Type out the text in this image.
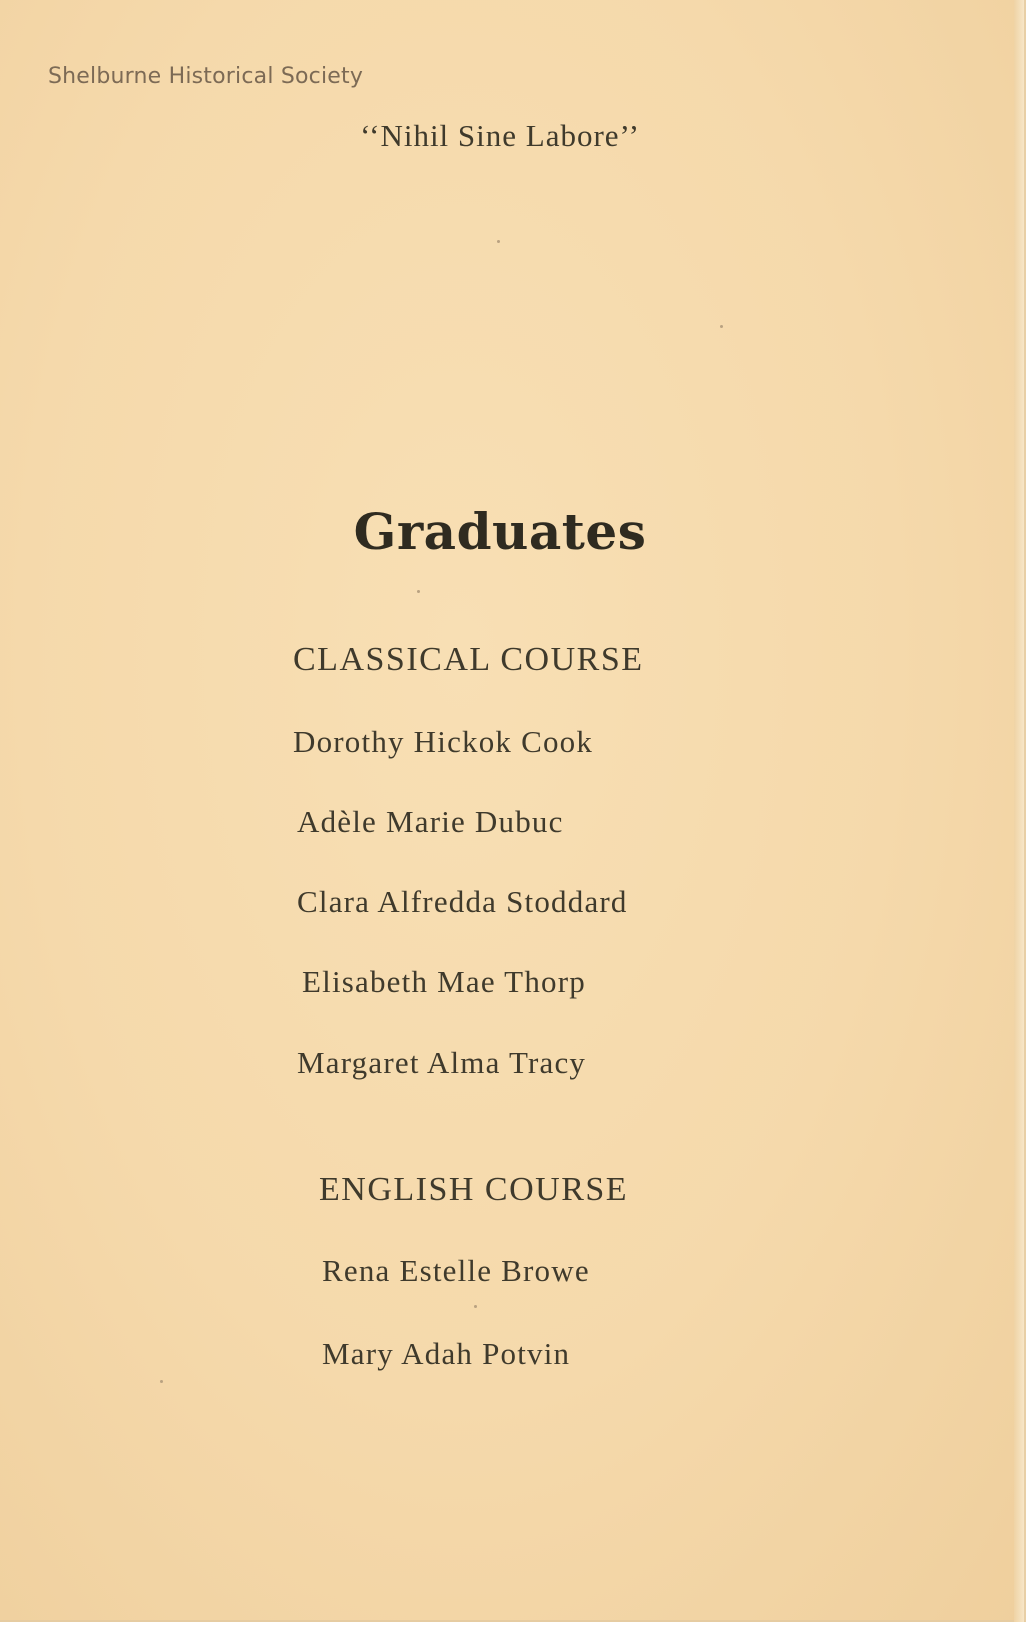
Shelburne Historical Society
‘‘Nihil Sine Labore’’
Graduates
CLASSICAL COURSE
Dorothy Hickok Cook
Adèle Marie Dubuc
Clara Alfredda Stoddard
Elisabeth Mae Thorp
Margaret Alma Tracy
ENGLISH COURSE
Rena Estelle Browe
Mary Adah Potvin
